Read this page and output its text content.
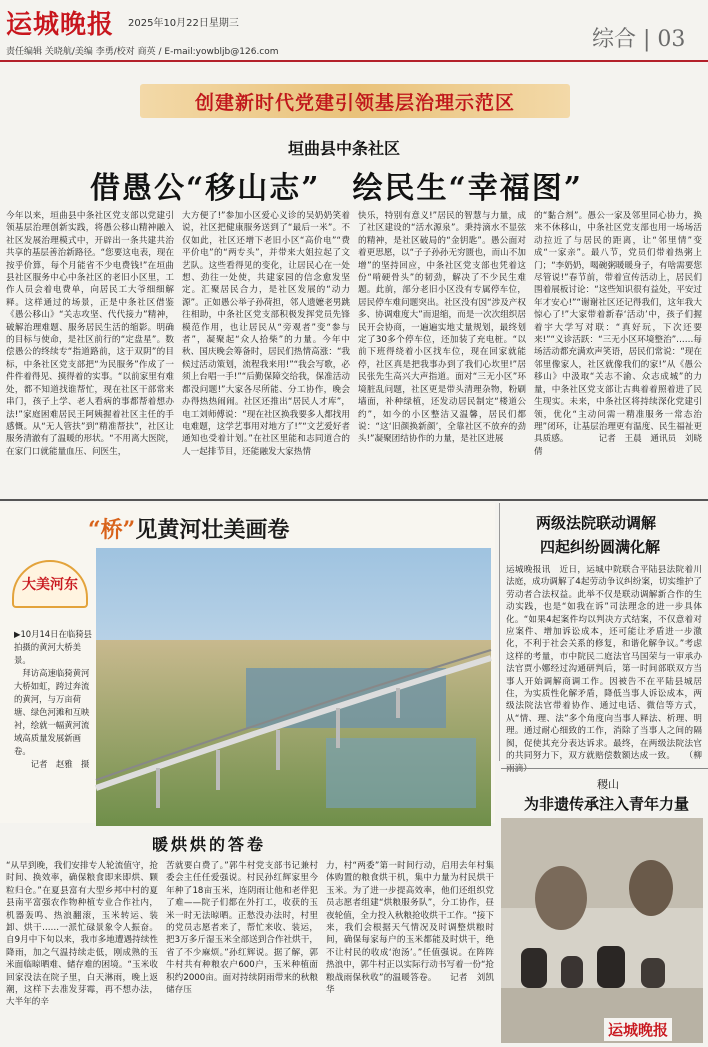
运城晚报 2025年10月22日星期三
责任编辑 关晓航/美编 李勇/校对 商英 / E-mail:yowbljb@126.com	综合 | 03
创建新时代党建引领基层治理示范区
垣曲县中条社区
借愚公“移山志”　绘民生“幸福图”
今年以来，垣曲县中条社区党支部以党建引领基层治理创新实践，将愚公移山精神融入社区发展治理模式中，开辟出一条共建共治共享的基层善治新路径。“您要这电表，现在按乎价算，每个月能省不少电费钱!”在垣曲县社区服务中心中条社区的老旧小区里，工作人员会着电费单，向居民工大爷细细解释。这样通过的场景，正是中条社区借鉴《愚公移山》“关志攻坚、代代接力”精神，破解治理难题、服务居民生活的缩影。明确的目标与使命，是社区前行的“定盘星”。数偿愚公的终续专“指道路前，这于双阴”的目标，中条社区党支部把“为民服务”作成了一件件着得见、摸得着的实事。“以前家里有难处，都不知道找谁帮忙，现在社区干部常来串门，孩子上学、老人看病的事都帮着想办法!”家庭困难居民王阿姨握着社区主任的手感慨。从“无人管扶”到“精准帮扶”，社区让服务清澈有了温暖的形状。“不用离大医院，在家门口就能量血压、问医生，
大方便了!”参加小区爱心义诊的吴奶奶笑着说，社区把健康服务送到了“最后一米”。不仅如此，社区还增下老旧小区“高价电”“费平价电”的“两专头”，并带来大姐拉起了文艺队。这些看得见的变化，让居民心在一处想、劲往一处使，共建家园的信念愈发坚定。汇聚居民合力，是社区发展的“动力源”。正如愚公举子孙荷担，邻人遗嬷老男跳往相助，中条社区党支部积极发挥党员先锋模范作用，也让居民从“旁观者”变“参与者”，凝聚起“众人拾柴”的力量。今年中秋、国庆晚会筹备时，居民们热情高涨：“我候过活动策划，流程我来用!”“我会写歌，必须上台唱一手!”“后勤保障交给我，保准活动都没问题!”大家各尽所能、分工协作，晚会办得热热闹闹。社区还推出“居民人才库”，电工刘师傅说：“现在社区换我要多人都找用电难题，这学艺事用对地方了!”“文艺爱好者通知也受着计划。”在社区里能和志同道合的人一起排节目，还能融发大家热情
快乐，特别有意义!”居民的智慧与力量，成了社区建设的“活水源泉”。秉持滴水不显弦的精神，是社区破局的“金钥匙”。愚公面对着更思愿，以“子子孙孙无穷匮也，而山不加增”的坚持回应，中条社区党支部也凭着这份“啃硬骨头”的韧劲，解决了不少民生难题。此前，部分老旧小区没有专属停车位，居民停车难问题突出。社区没有因“涉及产权多、协调难度大”而退缩，而是一次次组织居民开会协商，一遍遍实地丈量规划，最终划定了30多个停车位，还加装了充电桩。“以前下班得绕着小区找车位，现在回家就能停，社区真是把我事办到了我们心坎里!”居民张先生高兴大声指道。面对“三无小区”环境脏乱问题，社区更是带头清理杂物，粉刷墙面，补种绿植，还发动居民制定“楼道公约”，如今的小区整洁又温馨，居民们都说：“这‘旧颜换新颜’，全靠社区不放弃的劲头!”凝聚团结协作的力量，是社区进展
的“黏合剂”。愚公一家及邻里同心协力，换来不休移山，中条社区党支部也用一场场活动拉近了与居民的距离，让“邻里情”变成“一家亲”。最八节，党员们带着热粥上门；“李奶奶，喝碗粥暖暖身子，有啥需要您尽管说!”春节前，带着宣传活动上，居民们围着展板讨论：“这些知识很有益处，平安过年才安心!”“谢谢社区还记得我们，这年我大惊心了!”大家带着新春‘活动’中，孩子们握着宇大学写对联：“真好玩，下次还要来!”“义诊活跃：“三无小区环境整治”……每场活动都充满欢声笑语，居民们常说：“现在邻里像家人，社区就像我们的家!”从《愚公移山》中汲取“关志不渝、众志成城”的力量，中条社区党支部让古典着着照着进了民生现实。未来，中条社区将持续深化党建引领，优化“主动问需一精准服务一常态治理”闭环，让基层治理更有温度、民生福祉更具质感。　　　　记者　王晨　通讯员　刘晓倩
“桥”见黄河壮美画卷
大美河东
▶10月14日在临猗县拍摄的黄河大桥美景。
　拜访高速临猗黄河大桥如虹，跨过奔流的黄河，与万亩荷塘、绿色河滩和互映衬，绘就一幅黄河流域高质量发展新画卷。
　　记者　赵雅　摄
两级法院联动调解
四起纠纷圆满化解
运城晚报讯　近日，运城中院联合平陆县法院着川法庭，成功调解了4起劳动争议纠纷案，切实维护了劳动者合法权益。此举不仅是联动调解新合作的生动实践，也是“如我在诉”司法理念的进一步具体化。“如果4起案件均以判决方式结案，不仅意着对应案件、增加诉讼成本，还可能让矛盾进一步激化，不利于社会关系的修复，和谐化解争议。”考虑这样的考量，市中院民二庭法官马国荣与一审承办法官贾小娜经过沟通研判后，第一时间部联双方当事人开始调解商调工作。因被告不在平陆县城居住，为实质性化解矛盾，降低当事人诉讼成本，两级法院法官带着协作、通过电话、微信等方式，从“情、理、法”多个角度向当事人释法、析理、明理。通过耐心细致的工作，消除了当事人之间的隔阂，促使其充分表达诉求。最终，在两级法院法官的共同努力下，双方就赔偿数额达成一致。　　（柳
暖烘烘的答卷
“从早到晚，我们安排专人轮流值守，抢时间、换效率，确保粮食即来即烘、颗粒归仓。”在夏县富有大型乡邦中村的夏县南平富强农作物种植专业合作社内，机器轰鸣、热浪翻滚，玉米转运、装卸、烘干……一派忙碌景象令人振奋。自9月中下旬以来，我市多地遭遇持续性降雨，加之气温持续走低，刚成熟的玉米面临晾晒难、储存难的困境。“玉米收回家没法在院子里，白天淋雨，晚上返潮，这样下去准发芽霉，再不想办法，大半年的辛
苦就要白费了。”郭牛村党支部书记兼村委会主任任爱强说。村民孙红辉家里今年种了18亩玉米，连阴雨让他和老伴犯了难——院子们都在外打工，收获的玉米一时无法晾晒。正愁没办法时，村里的党员志愿者来了，帮忙来收、装运，把3万多斤湿玉米全部送到合作社烘干，省了不少麻烦。”孙红辉说。据了解，郭牛村共有种粮农户600户，玉米种植面积约2000亩。面对持续阴雨带来的秋粮储存压
力，村“两委”第一时间行动，启用去年村集体购置的粮食烘干机，集中力量为村民烘干玉米。为了进一步提高效率，他们还组织党员志愿者组建“烘粮服务队”，分工协作，昼夜轮值，全力投入秋粮抢收烘干工作。“接下来，我们会根据天气情况及时调整烘粮时间，确保每家每户的玉米都能及时烘干，绝不让村民的收成‘泡汤’。”任值强说。在阵阵热浪中，郭牛村正以实际行动书写着一份“抢粮战雨保秋收”的温暖答卷。　　记者　刘凯华
稷山
为非遗传承注入青年力量
运城晚报
